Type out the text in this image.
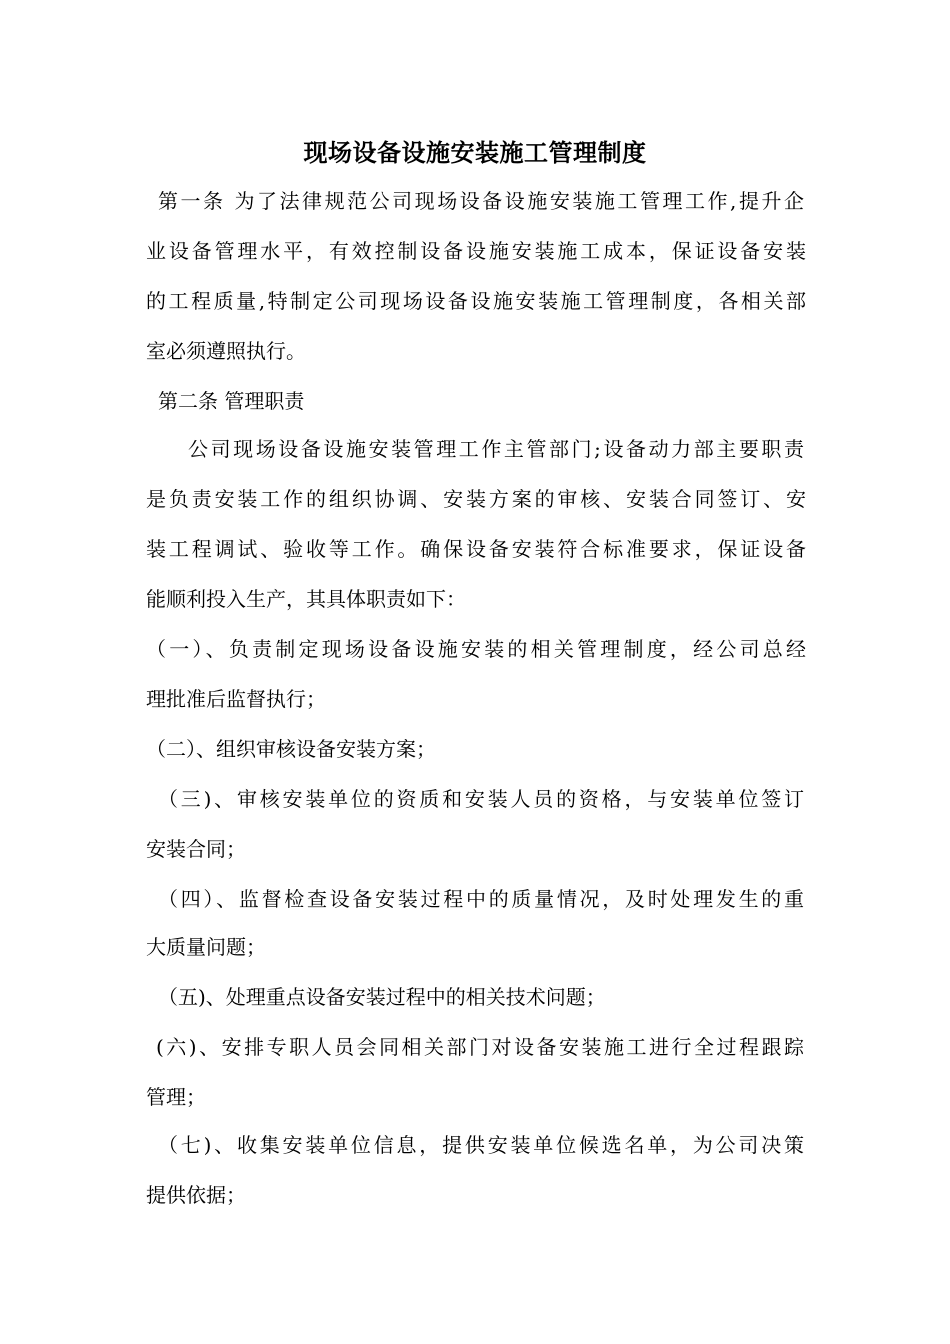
现场设备设施安装施工管理制度
第一条 为了法律规范公司现场设备设施安装施工管理工作,提升企
业设备管理水平，有效控制设备设施安装施工成本，保证设备安装
的工程质量,特制定公司现场设备设施安装施工管理制度，各相关部
室必须遵照执行。
第二条 管理职责
公司现场设备设施安装管理工作主管部门;设备动力部主要职责
是负责安装工作的组织协调、安装方案的审核、安装合同签订、安
装工程调试、验收等工作。确保设备安装符合标准要求，保证设备
能顺利投入生产，其具体职责如下：
（一）、负责制定现场设备设施安装的相关管理制度，经公司总经
理批准后监督执行；
（二）、组织审核设备安装方案；
（三)、审核安装单位的资质和安装人员的资格，与安装单位签订
安装合同；
（四）、监督检查设备安装过程中的质量情况，及时处理发生的重
大质量问题；
（五)、处理重点设备安装过程中的相关技术问题；
(六)、安排专职人员会同相关部门对设备安装施工进行全过程跟踪
管理；
（七)、收集安装单位信息，提供安装单位候选名单，为公司决策
提供依据；
